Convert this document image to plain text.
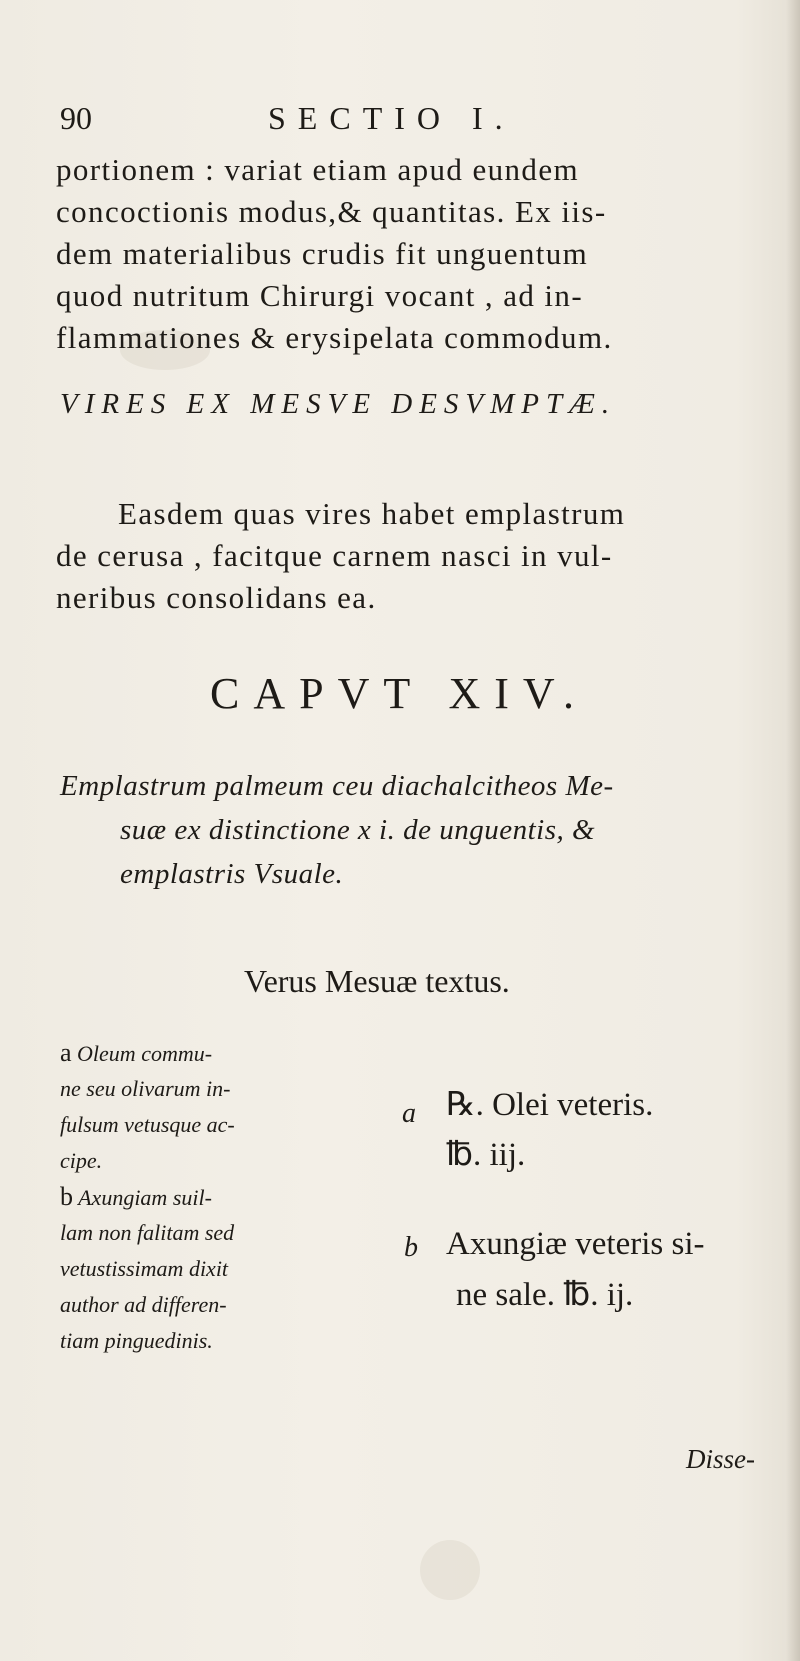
90	SECTIO I.
portionem : variat etiam apud eundem
concoctionis modus,& quantitas. Ex iis-
dem materialibus crudis fit unguentum
quod nutritum Chirurgi vocant , ad in-
flammationes & erysipelata commodum.
VIRES EX MESVE DESVMPTÆ.
Easdem quas vires habet emplastrum
de cerusa , facitque carnem nasci in vul-
neribus consolidans ea.
CAPVT XIV.
Emplastrum palmeum ceu diachalcitheos Me-
suæ ex distinctione x i. de unguentis, &
emplastris Vsuale.
Verus Mesuæ textus.
a Oleum commu-
ne seu olivarum in-
fulsum vetusque ac-
cipe.
b Axungiam suil-
lam non falitam sed
vetustissimam dixit
author ad differen-
tiam pinguedinis.
a ℞. Olei veteris.
℔. iij.
b Axungiæ veteris si-
ne sale. ℔. ij.
Disse-
